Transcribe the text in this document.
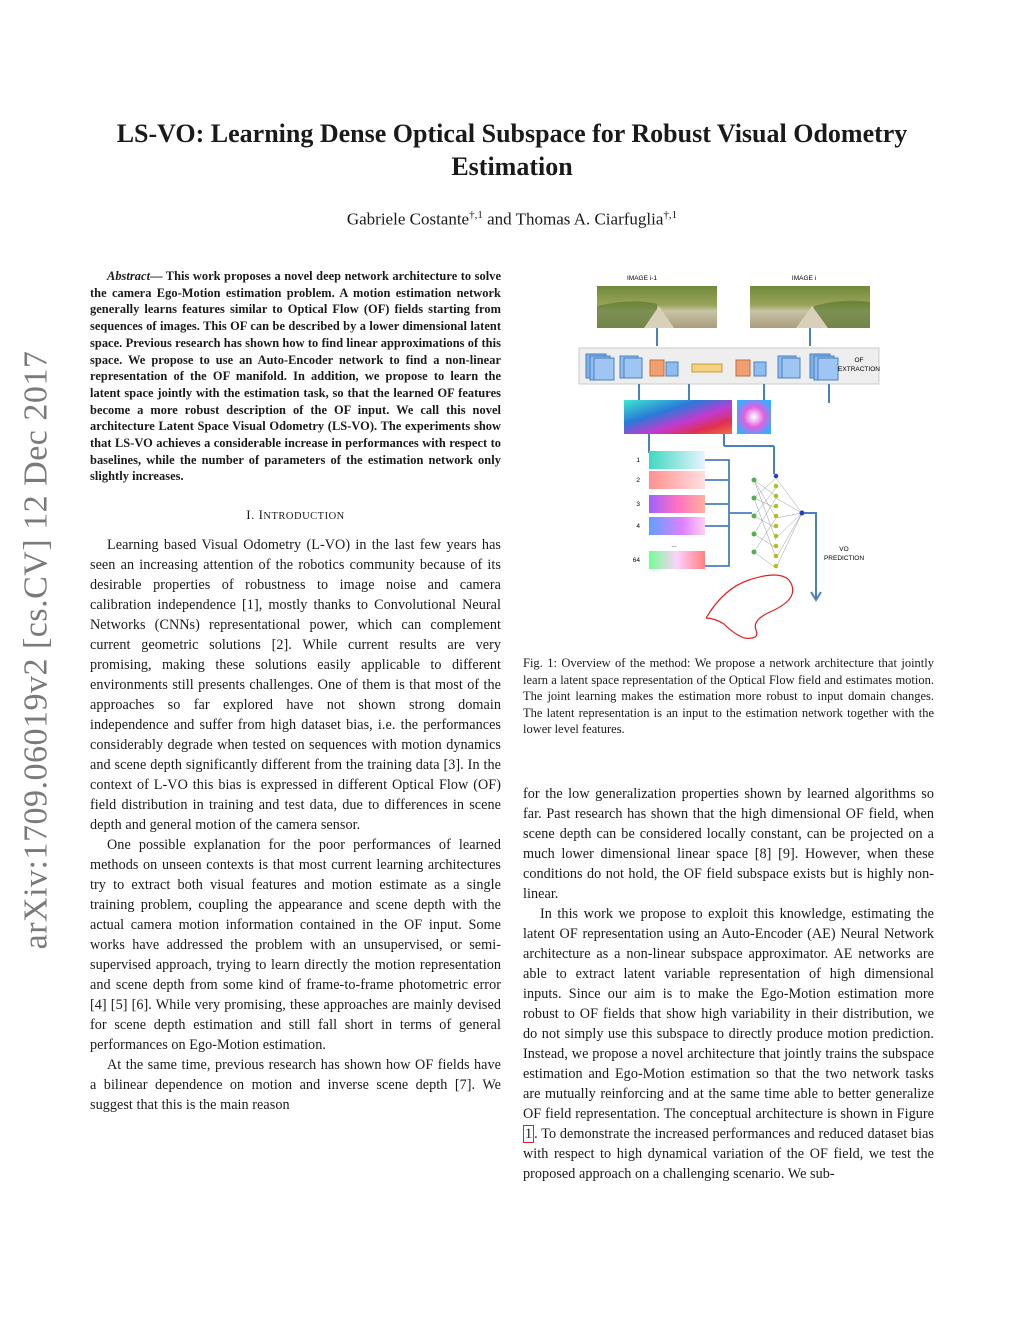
arXiv:1709.06019v2 [cs.CV] 12 Dec 2017
LS-VO: Learning Dense Optical Subspace for Robust Visual Odometry
Estimation

Gabriele Costante$^{\dagger,1}$ and Thomas A. Ciarfuglia$^{\dagger,1}$

Abstract— This work proposes a novel deep network architecture to solve the camera Ego-Motion estimation problem. A motion estimation network generally learns features similar to Optical Flow (OF) fields starting from sequences of images. This OF can be described by a lower dimensional latent space. Previous research has shown how to find linear approximations of this space. We propose to use an Auto-Encoder network to find a non-linear representation of the OF manifold. In addition, we propose to learn the latent space jointly with the estimation task, so that the learned OF features become a more robust description of the OF input. We call this novel architecture Latent Space Visual Odometry (LS-VO). The experiments show that LS-VO achieves a considerable increase in performances with respect to baselines, while the number of parameters of the estimation network only slightly increases.

I. INTRODUCTION

Learning based Visual Odometry (L-VO) in the last few years has seen an increasing attention of the robotics community because of its desirable properties of robustness to image noise and camera calibration independence [1], mostly thanks to Convolutional Neural Networks (CNNs) representational power, which can complement current geometric solutions [2]. While current results are very promising, making these solutions easily applicable to different environments still presents challenges. One of them is that most of the approaches so far explored have not shown strong domain independence and suffer from high dataset bias, i.e. the performances considerably degrade when tested on sequences with motion dynamics and scene depth significantly different from the training data [3]. In the context of L-VO this bias is expressed in different Optical Flow (OF) field distribution in training and test data, due to differences in scene depth and general motion of the camera sensor.

One possible explanation for the poor performances of learned methods on unseen contexts is that most current learning architectures try to extract both visual features and motion estimate as a single training problem, coupling the appearance and scene depth with the actual camera motion information contained in the OF input. Some works have addressed the problem with an unsupervised, or semi-supervised approach, trying to learn directly the motion representation and scene depth from some kind of frame-to-frame photometric error [4] [5] [6]. While very promising, these approaches are mainly devised for scene depth estimation and still fall short in terms of general performances on Ego-Motion estimation.

At the same time, previous research has shown how OF fields have a bilinear dependence on motion and inverse scene depth [7]. We suggest that this is the main reason

IMAGE i-1	IMAGE i
OF
EXTRACTION
1
2
3
4
...
64
VO
PREDICTION

Fig. 1: Overview of the method: We propose a network architecture that jointly learn a latent space representation of the Optical Flow field and estimates motion. The joint learning makes the estimation more robust to input domain changes. The latent representation is an input to the estimation network together with the lower level features.

for the low generalization properties shown by learned algorithms so far. Past research has shown that the high dimensional OF field, when scene depth can be considered locally constant, can be projected on a much lower dimensional linear space [8] [9]. However, when these conditions do not hold, the OF field subspace exists but is highly non-linear.

In this work we propose to exploit this knowledge, estimating the latent OF representation using an Auto-Encoder (AE) Neural Network architecture as a non-linear subspace approximator. AE networks are able to extract latent variable representation of high dimensional inputs. Since our aim is to make the Ego-Motion estimation more robust to OF fields that show high variability in their distribution, we do not simply use this subspace to directly produce motion prediction. Instead, we propose a novel architecture that jointly trains the subspace estimation and Ego-Motion estimation so that the two network tasks are mutually reinforcing and at the same time able to better generalize OF field representation. The conceptual architecture is shown in Figure 1 . To demonstrate the increased performances and reduced dataset bias with respect to high dynamical variation of the OF field, we test the proposed approach on a challenging scenario. We sub-
